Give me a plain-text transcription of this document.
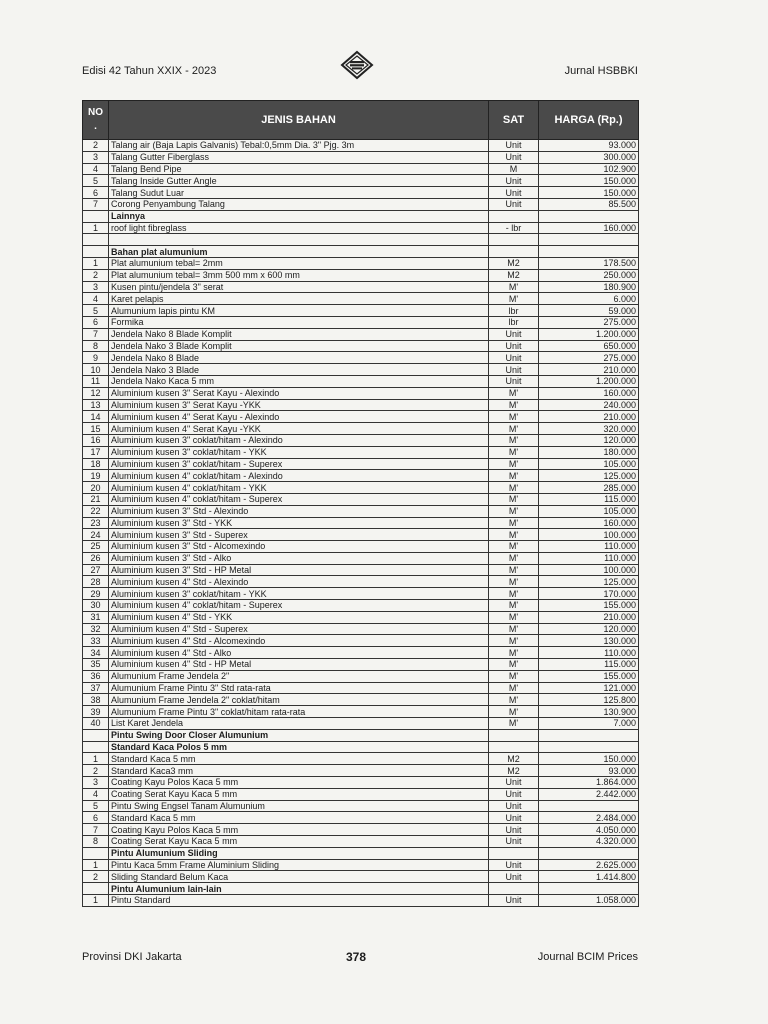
Edisi 42 Tahun XXIX - 2023	Jurnal HSBBKI
NO
.	JENIS BAHAN	SAT	HARGA (Rp.)
2	Talang air (Baja Lapis Galvanis) Tebal:0,5mm Dia. 3" Pjg. 3m	Unit	93.000
3	Talang Gutter Fiberglass	Unit	300.000
4	Talang Bend Pipe	M	102.900
5	Talang Inside Gutter Angle	Unit	150.000
6	Talang Sudut Luar	Unit	150.000
7	Corong Penyambung Talang	Unit	85.500
	Lainnya		
1	roof light fibreglass	- lbr	160.000

	Bahan plat alumunium		
1	Plat alumunium tebal= 2mm	M2	178.500
2	Plat alumunium tebal= 3mm 500 mm x 600 mm	M2	250.000
3	Kusen pintu/jendela 3" serat	M'	180.900
4	Karet pelapis	M'	6.000
5	Alumunium lapis pintu KM	lbr	59.000
6	Formika	lbr	275.000
7	Jendela Nako 8 Blade Komplit	Unit	1.200.000
8	Jendela Nako 3 Blade Komplit	Unit	650.000
9	Jendela Nako 8 Blade	Unit	275.000
10	Jendela Nako 3 Blade	Unit	210.000
11	Jendela Nako Kaca 5 mm	Unit	1.200.000
12	Aluminium kusen 3" Serat Kayu - Alexindo	M'	160.000
13	Aluminium kusen 3" Serat Kayu -YKK	M'	240.000
14	Aluminium kusen 4" Serat Kayu - Alexindo	M'	210.000
15	Aluminium kusen 4" Serat Kayu -YKK	M'	320.000
16	Aluminium kusen 3" coklat/hitam - Alexindo	M'	120.000
17	Aluminium kusen 3" coklat/hitam - YKK	M'	180.000
18	Aluminium kusen 3" coklat/hitam - Superex	M'	105.000
19	Aluminium kusen 4" coklat/hitam - Alexindo	M'	125.000
20	Aluminium kusen 4" coklat/hitam - YKK	M'	285.000
21	Aluminium kusen 4" coklat/hitam - Superex	M'	115.000
22	Aluminium kusen 3" Std - Alexindo	M'	105.000
23	Aluminium kusen 3" Std - YKK	M'	160.000
24	Aluminium kusen 3" Std - Superex	M'	100.000
25	Aluminium kusen 3" Std - Alcomexindo	M'	110.000
26	Aluminium kusen 3" Std - Alko	M'	110.000
27	Aluminium kusen 3" Std - HP Metal	M'	100.000
28	Aluminium kusen 4" Std - Alexindo	M'	125.000
29	Aluminium kusen 3" coklat/hitam - YKK	M'	170.000
30	Aluminium kusen 4" coklat/hitam - Superex	M'	155.000
31	Aluminium kusen 4" Std - YKK	M'	210.000
32	Aluminium kusen 4" Std - Superex	M'	120.000
33	Aluminium kusen 4" Std - Alcomexindo	M'	130.000
34	Aluminium kusen 4" Std - Alko	M'	110.000
35	Aluminium kusen 4" Std - HP Metal	M'	115.000
36	Alumunium Frame Jendela 2"	M'	155.000
37	Alumunium Frame Pintu 3" Std rata-rata	M'	121.000
38	Alumunium Frame Jendela 2" coklat/hitam	M'	125.800
39	Alumunium Frame Pintu 3" coklat/hitam rata-rata	M'	130.900
40	List Karet Jendela	M'	7.000
	Pintu Swing Door Closer Alumunium		
	Standard Kaca Polos 5 mm		
1	Standard Kaca 5 mm	M2	150.000
2	Standard Kaca3 mm	M2	93.000
3	Coating Kayu Polos Kaca 5 mm	Unit	1.864.000
4	Coating Serat Kayu Kaca 5 mm	Unit	2.442.000
5	Pintu Swing Engsel Tanam Alumunium	Unit	
6	Standard Kaca 5 mm	Unit	2.484.000
7	Coating Kayu Polos Kaca 5 mm	Unit	4.050.000
8	Coating Serat Kayu Kaca 5 mm	Unit	4.320.000
	Pintu Alumunium Sliding		
1	Pintu Kaca 5mm Frame Aluminium Sliding	Unit	2.625.000
2	Sliding Standard Belum Kaca	Unit	1.414.800
	Pintu Alumunium lain-lain		
1	Pintu Standard	Unit	1.058.000
Provinsi DKI Jakarta	378	Journal BCIM Prices
